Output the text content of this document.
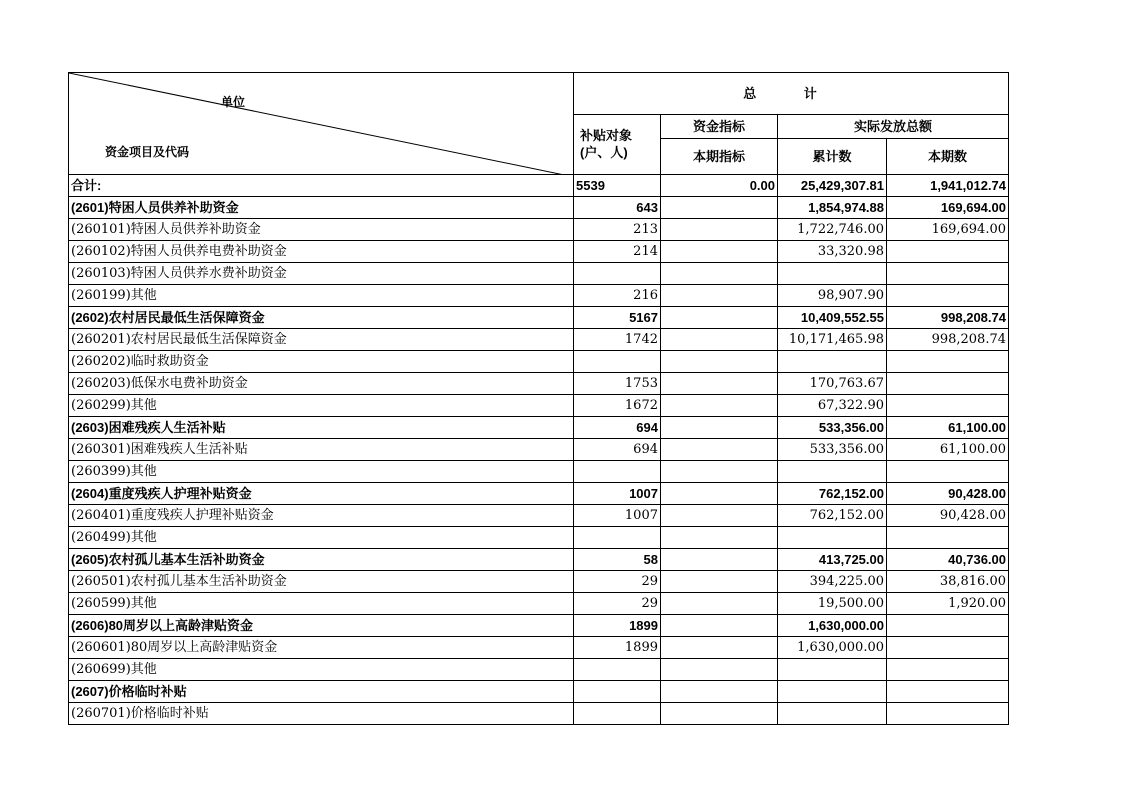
单位
资金项目及代码	总 计			
	补贴对象(户、人)	资金指标	实际发放总额	
		本期指标	累计数	本期数
合计:	5539	0.00	25,429,307.81	1,941,012.74
(2601)特困人员供养补助资金	643		1,854,974.88	169,694.00
(260101)特困人员供养补助资金	213		1,722,746.00	169,694.00
(260102)特困人员供养电费补助资金	214		33,320.98	
(260103)特困人员供养水费补助资金				
(260199)其他	216		98,907.90	
(2602)农村居民最低生活保障资金	5167		10,409,552.55	998,208.74
(260201)农村居民最低生活保障资金	1742		10,171,465.98	998,208.74
(260202)临时救助资金				
(260203)低保水电费补助资金	1753		170,763.67	
(260299)其他	1672		67,322.90	
(2603)困难残疾人生活补贴	694		533,356.00	61,100.00
(260301)困难残疾人生活补贴	694		533,356.00	61,100.00
(260399)其他				
(2604)重度残疾人护理补贴资金	1007		762,152.00	90,428.00
(260401)重度残疾人护理补贴资金	1007		762,152.00	90,428.00
(260499)其他				
(2605)农村孤儿基本生活补助资金	58		413,725.00	40,736.00
(260501)农村孤儿基本生活补助资金	29		394,225.00	38,816.00
(260599)其他	29		19,500.00	1,920.00
(2606)80周岁以上高龄津贴资金	1899		1,630,000.00	
(260601)80周岁以上高龄津贴资金	1899		1,630,000.00	
(260699)其他				
(2607)价格临时补贴				
(260701)价格临时补贴				
